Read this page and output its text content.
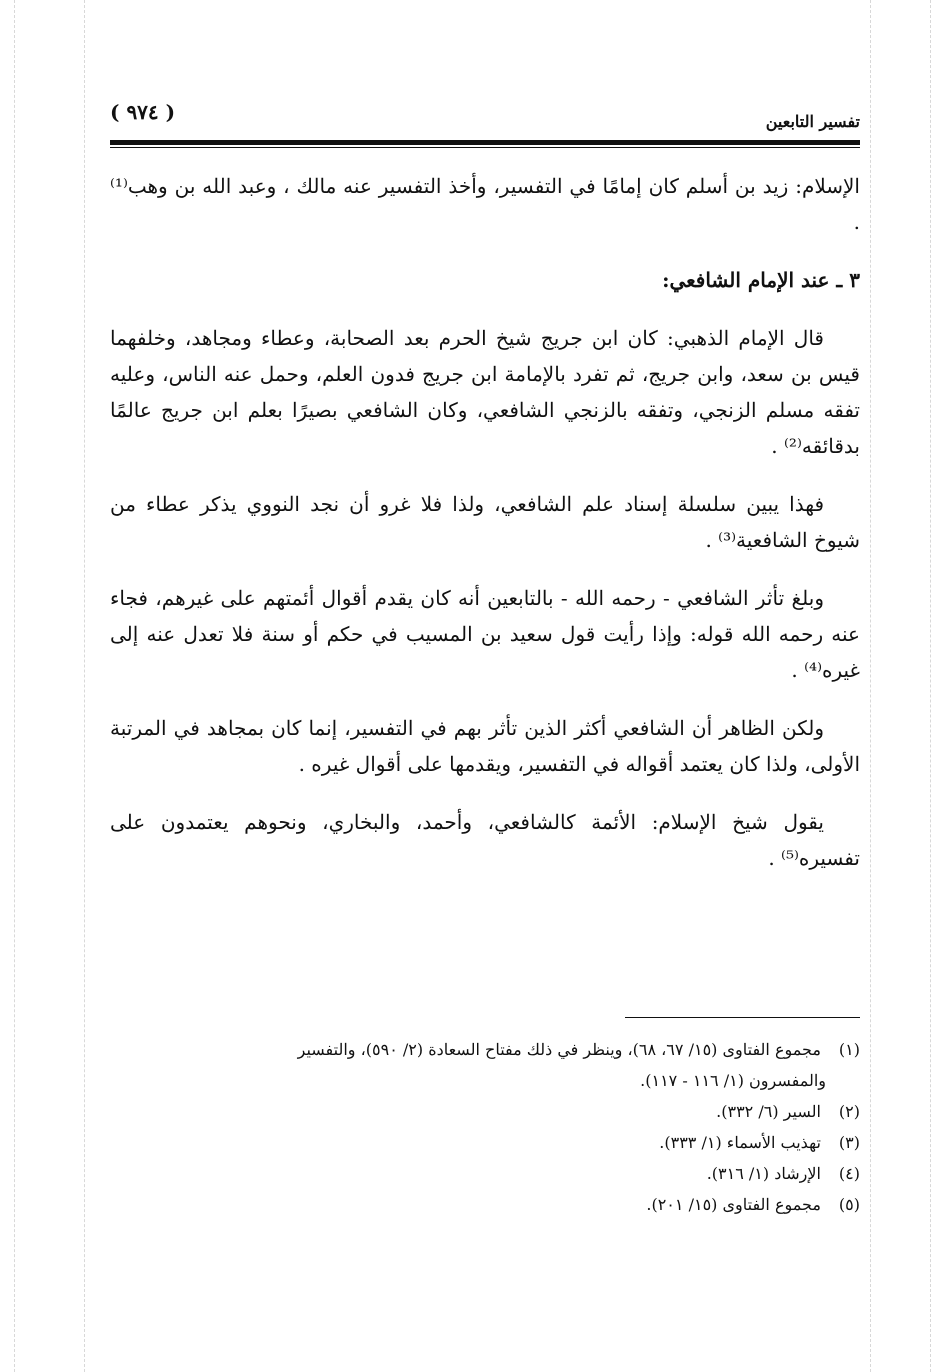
تفسير التابعين
( ٩٧٤ )

الإسلام: زيد بن أسلم كان إمامًا في التفسير، وأخذ التفسير عنه مالك ، وعبد الله بن وهب⁽¹⁾ .

٣ ـ عند الإمام الشافعي:

قال الإمام الذهبي: كان ابن جريج شيخ الحرم بعد الصحابة، وعطاء ومجاهد، وخلفهما قيس بن سعد، وابن جريج، ثم تفرد بالإمامة ابن جريج فدون العلم، وحمل عنه الناس، وعليه تفقه مسلم الزنجي، وتفقه بالزنجي الشافعي، وكان الشافعي بصيرًا بعلم ابن جريج عالمًا بدقائقه⁽²⁾ .

فهذا يبين سلسلة إسناد علم الشافعي، ولذا فلا غرو أن نجد النووي يذكر عطاء من شيوخ الشافعية⁽³⁾ .

وبلغ تأثر الشافعي - رحمه الله - بالتابعين أنه كان يقدم أقوال أئمتهم على غيرهم، فجاء عنه رحمه الله قوله: وإذا رأيت قول سعيد بن المسيب في حكم أو سنة فلا تعدل عنه إلى غيره⁽⁴⁾ .

ولكن الظاهر أن الشافعي أكثر الذين تأثر بهم في التفسير، إنما كان بمجاهد في المرتبة الأولى، ولذا كان يعتمد أقواله في التفسير، ويقدمها على أقوال غيره .

يقول شيخ الإسلام: الأئمة كالشافعي، وأحمد، والبخاري، ونحوهم يعتمدون على تفسيره⁽⁵⁾ .

(١) مجموع الفتاوى (١٥/ ٦٧، ٦٨)، وينظر في ذلك مفتاح السعادة (٢/ ٥٩٠)، والتفسير
والمفسرون (١/ ١١٦ - ١١٧).
(٢) السير (٦/ ٣٣٢).
(٣) تهذيب الأسماء (١/ ٣٣٣).
(٤) الإرشاد (١/ ٣١٦).
(٥) مجموع الفتاوى (١٥/ ٢٠١).
